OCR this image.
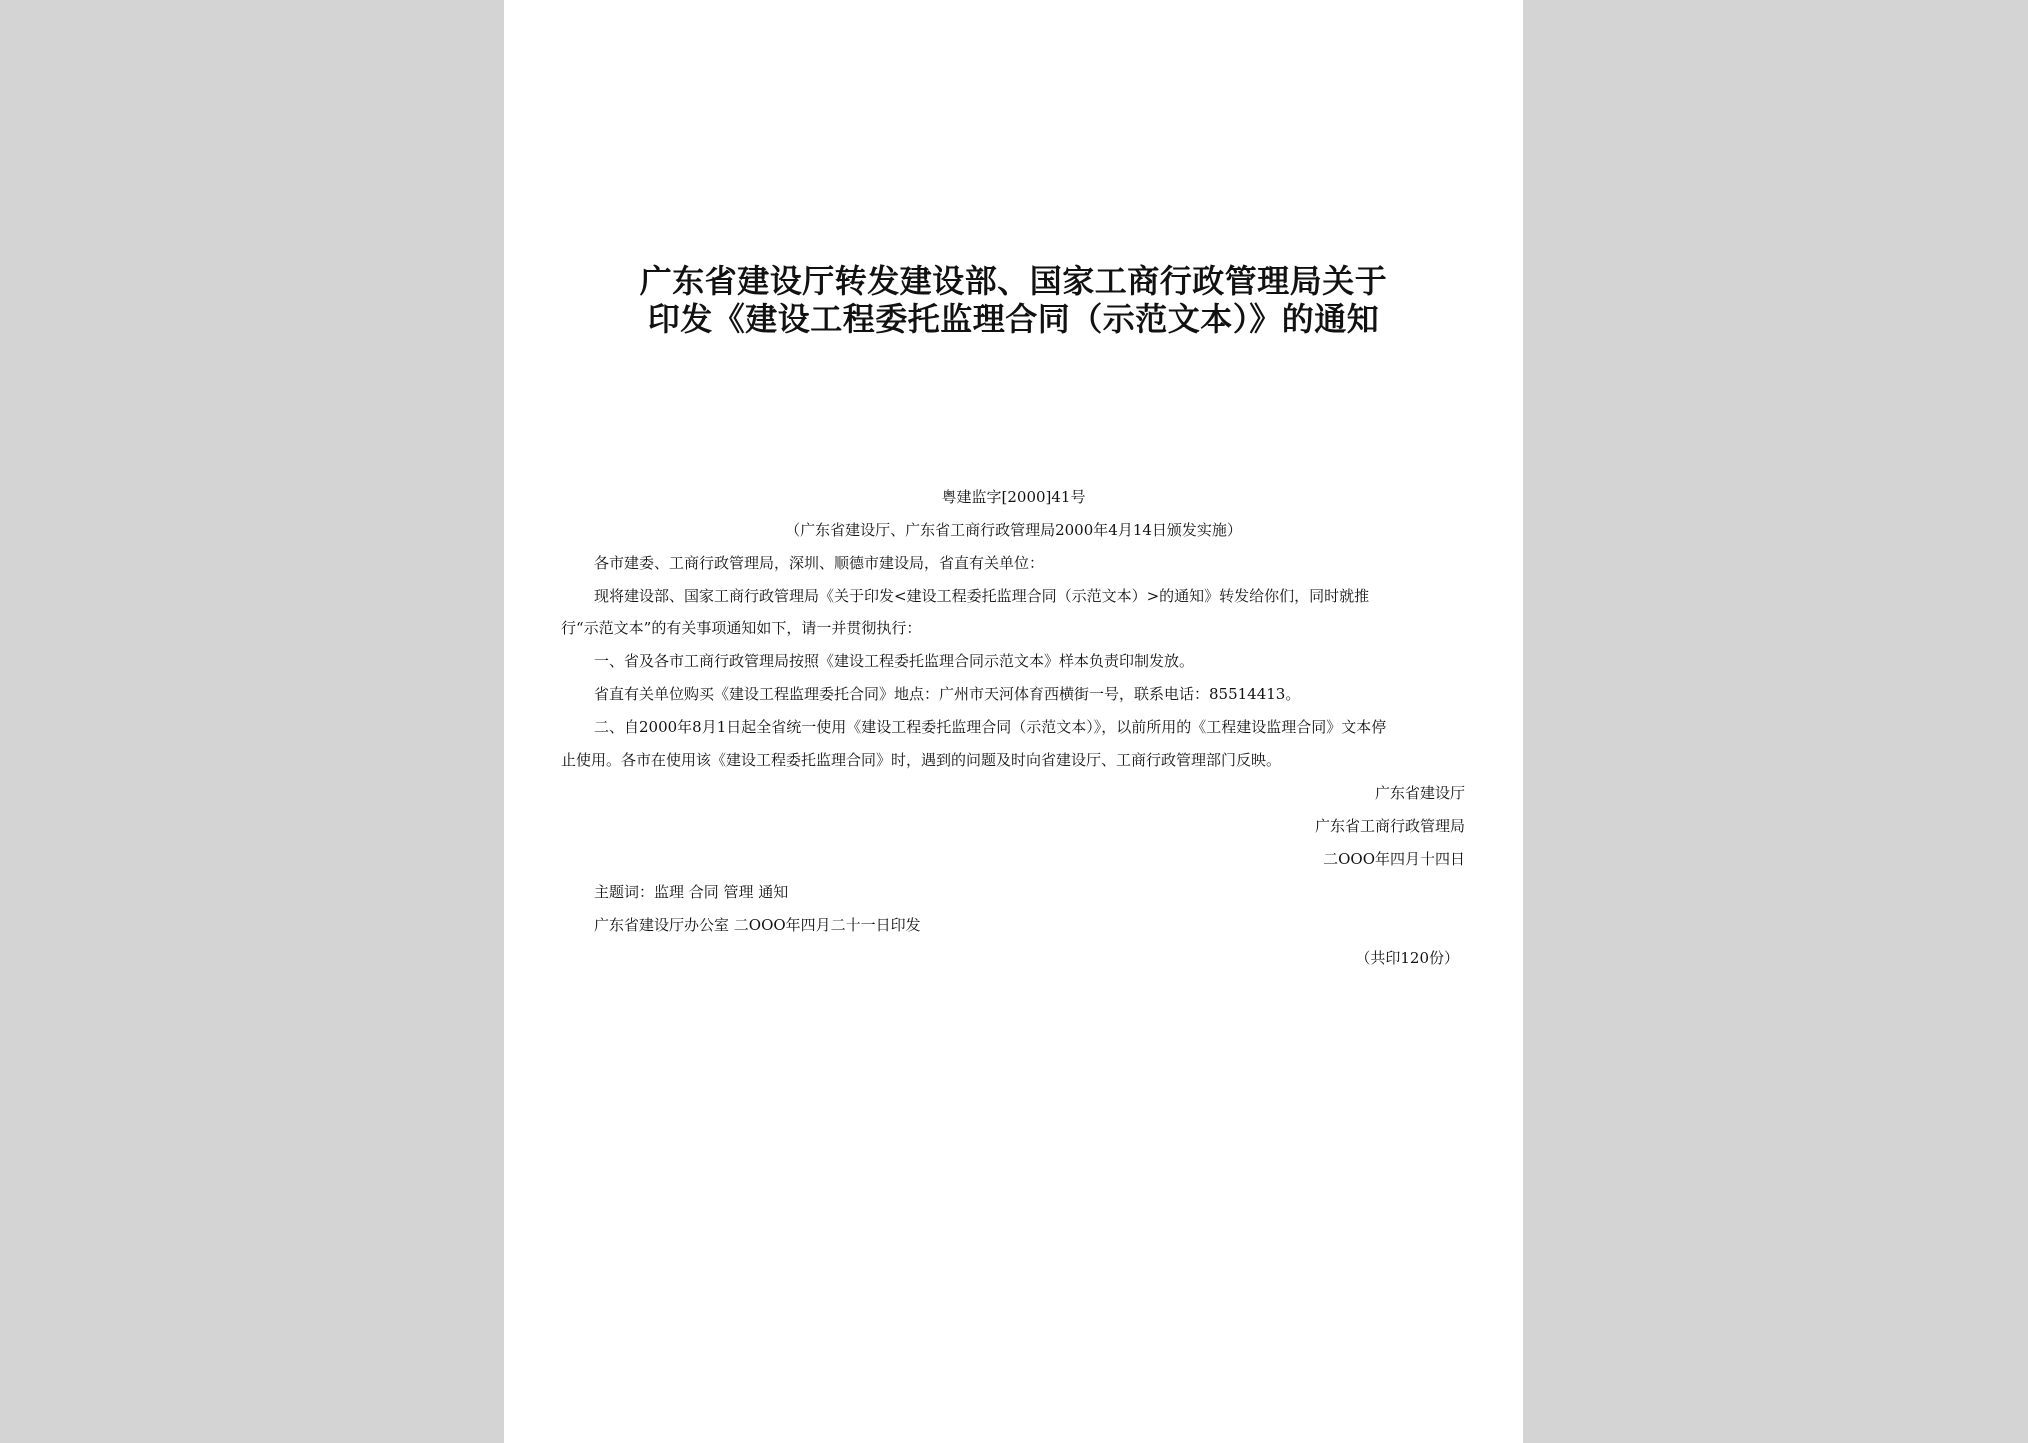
广东省建设厅转发建设部、国家工商行政管理局关于
印发《建设工程委托监理合同（示范文本）》的通知
粤建监字[2000]41号
（广东省建设厅、广东省工商行政管理局2000年4月14日颁发实施）
各市建委、工商行政管理局，深圳、顺德市建设局，省直有关单位：
现将建设部、国家工商行政管理局《关于印发<建设工程委托监理合同（示范文本）>的通知》转发给你们，同时就推
行“示范文本”的有关事项通知如下，请一并贯彻执行：
一、省及各市工商行政管理局按照《建设工程委托监理合同示范文本》样本负责印制发放。
省直有关单位购买《建设工程监理委托合同》地点：广州市天河体育西横街一号，联系电话：85514413。
二、自2000年8月1日起全省统一使用《建设工程委托监理合同（示范文本）》，以前所用的《工程建设监理合同》文本停
止使用。各市在使用该《建设工程委托监理合同》时，遇到的问题及时向省建设厅、工商行政管理部门反映。
广东省建设厅
广东省工商行政管理局
二OOO年四月十四日
主题词：监理 合同 管理 通知
广东省建设厅办公室 二OOO年四月二十一日印发
（共印120份）
